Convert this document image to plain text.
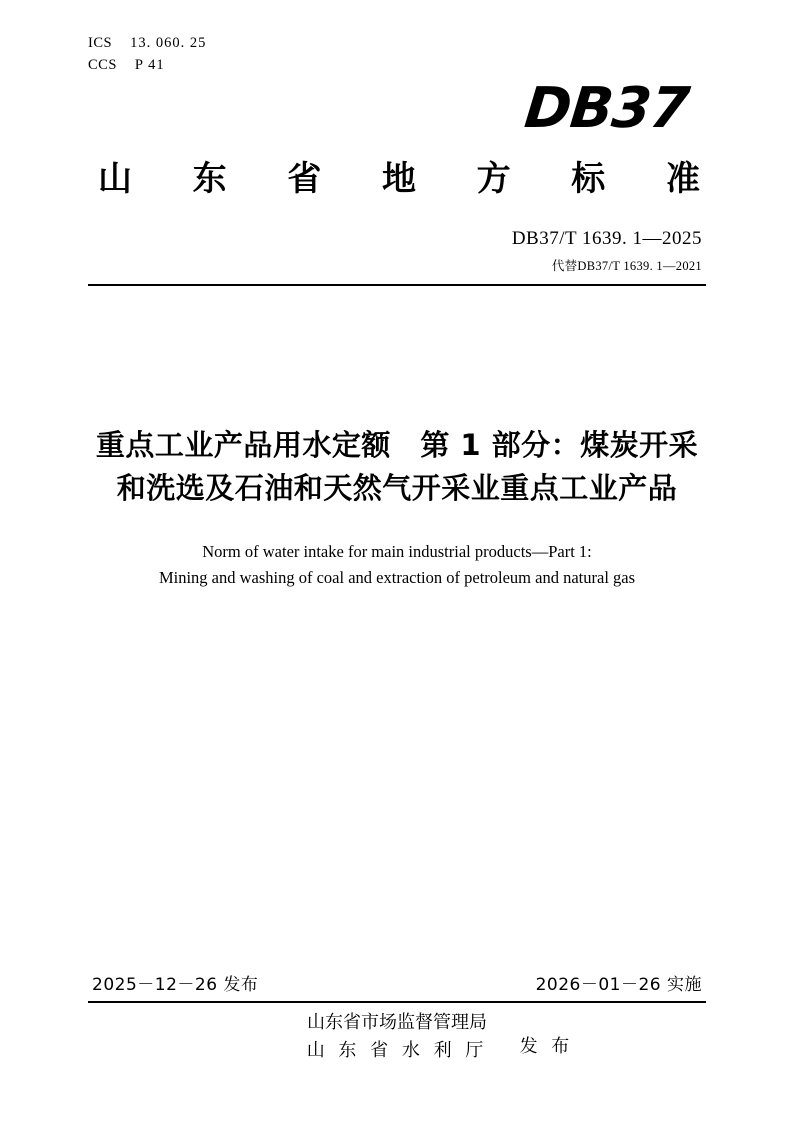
ICS 13. 060. 25
CCS P 41
DB37
山 东 省 地 方 标 准
DB37/T 1639. 1—2025
代替DB37/T 1639. 1—2021
重点工业产品用水定额　第 1 部分：煤炭开采和洗选及石油和天然气开采业重点工业产品
Norm of water intake for main industrial products—Part 1:
Mining and washing of coal and extraction of petroleum and natural gas
2025－12－26 发布	2026－01－26 实施
山东省市场监督管理局
山 东 省 水 利 厅 发 布
